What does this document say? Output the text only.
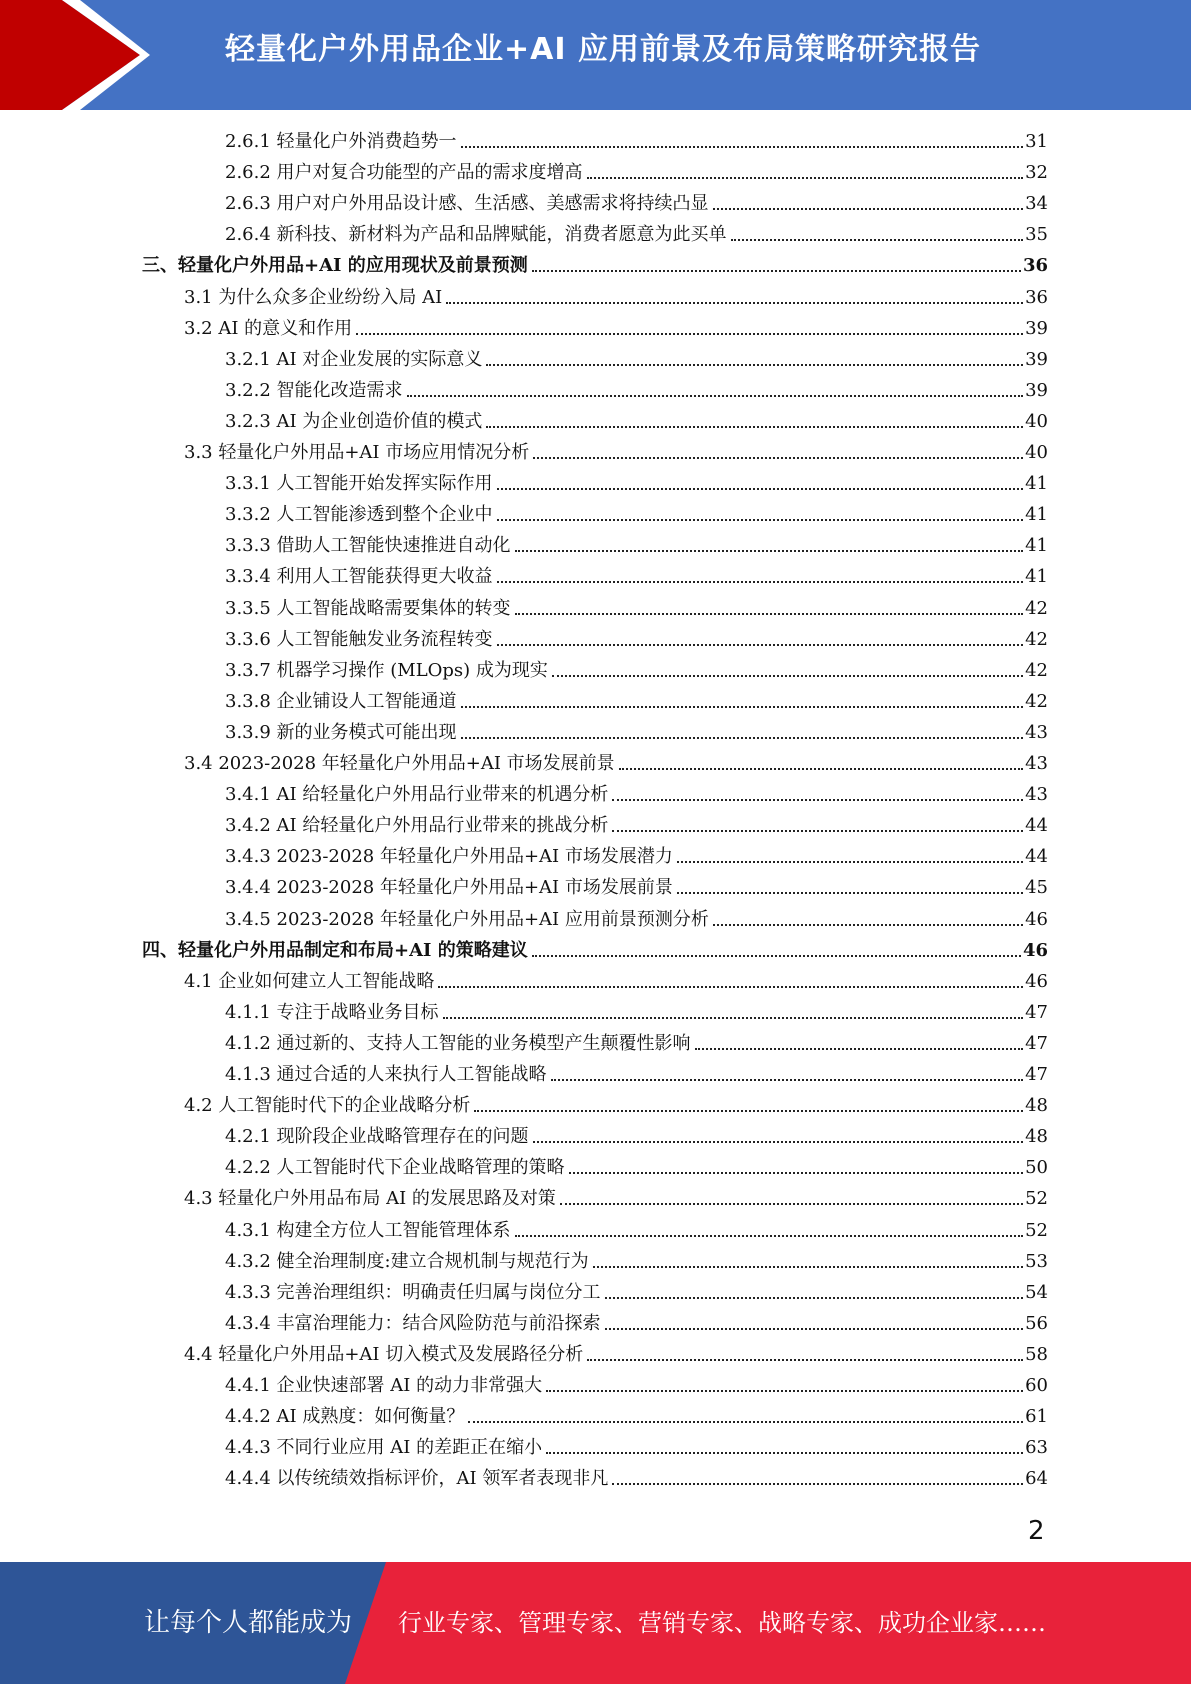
轻量化户外用品企业+AI 应用前景及布局策略研究报告
2.6.1 轻量化户外消费趋势一	31
2.6.2 用户对复合功能型的产品的需求度增高	32
2.6.3 用户对户外用品设计感、生活感、美感需求将持续凸显	34
2.6.4 新科技、新材料为产品和品牌赋能，消费者愿意为此买单	35
三、轻量化户外用品+AI 的应用现状及前景预测	36
3.1 为什么众多企业纷纷入局 AI	36
3.2 AI 的意义和作用	39
3.2.1 AI 对企业发展的实际意义	39
3.2.2 智能化改造需求	39
3.2.3 AI 为企业创造价值的模式	40
3.3 轻量化户外用品+AI 市场应用情况分析	40
3.3.1 人工智能开始发挥实际作用	41
3.3.2 人工智能渗透到整个企业中	41
3.3.3 借助人工智能快速推进自动化	41
3.3.4 利用人工智能获得更大收益	41
3.3.5 人工智能战略需要集体的转变	42
3.3.6 人工智能触发业务流程转变	42
3.3.7 机器学习操作 (MLOps) 成为现实	42
3.3.8 企业铺设人工智能通道	42
3.3.9 新的业务模式可能出现	43
3.4 2023-2028 年轻量化户外用品+AI 市场发展前景	43
3.4.1 AI 给轻量化户外用品行业带来的机遇分析	43
3.4.2 AI 给轻量化户外用品行业带来的挑战分析	44
3.4.3 2023-2028 年轻量化户外用品+AI 市场发展潜力	44
3.4.4 2023-2028 年轻量化户外用品+AI 市场发展前景	45
3.4.5 2023-2028 年轻量化户外用品+AI 应用前景预测分析	46
四、轻量化户外用品制定和布局+AI 的策略建议	46
4.1 企业如何建立人工智能战略	46
4.1.1 专注于战略业务目标	47
4.1.2 通过新的、支持人工智能的业务模型产生颠覆性影响	47
4.1.3 通过合适的人来执行人工智能战略	47
4.2 人工智能时代下的企业战略分析	48
4.2.1 现阶段企业战略管理存在的问题	48
4.2.2 人工智能时代下企业战略管理的策略	50
4.3 轻量化户外用品布局 AI 的发展思路及对策	52
4.3.1 构建全方位人工智能管理体系	52
4.3.2 健全治理制度:建立合规机制与规范行为	53
4.3.3 完善治理组织：明确责任归属与岗位分工	54
4.3.4 丰富治理能力：结合风险防范与前沿探索	56
4.4 轻量化户外用品+AI 切入模式及发展路径分析	58
4.4.1 企业快速部署 AI 的动力非常强大	60
4.4.2 AI 成熟度：如何衡量？	61
4.4.3 不同行业应用 AI 的差距正在缩小	63
4.4.4 以传统绩效指标评价，AI 领军者表现非凡	64
2
让每个人都能成为 行业专家、管理专家、营销专家、战略专家、成功企业家……
